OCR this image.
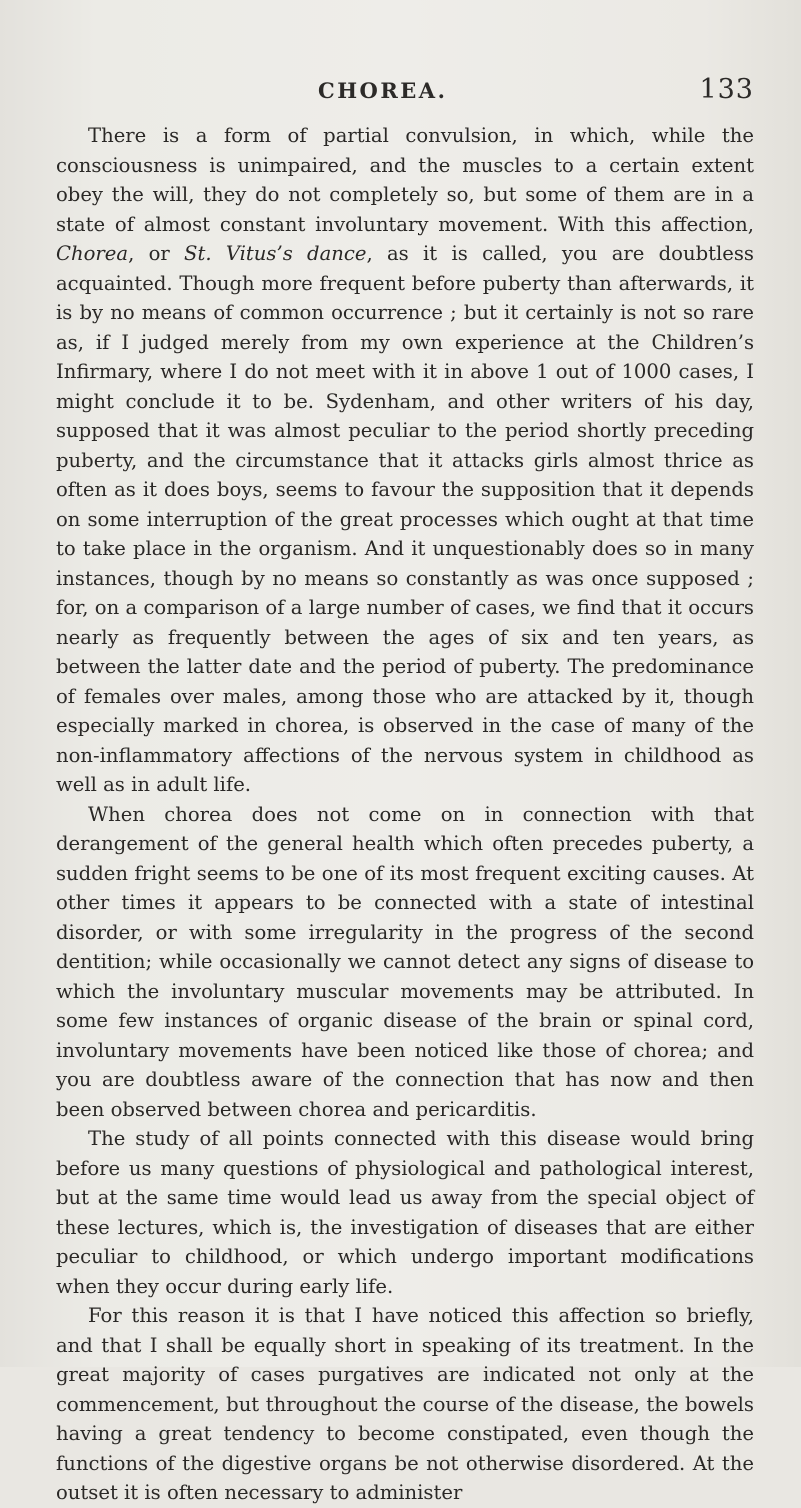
CHOREA.	133

There is a form of partial convulsion, in which, while the consciousness is unimpaired, and the muscles to a certain extent obey the will, they do not completely so, but some of them are in a state of almost constant involuntary movement. With this affection, Chorea, or St. Vitus’s dance, as it is called, you are doubtless acquainted. Though more frequent before puberty than afterwards, it is by no means of common occurrence ; but it certainly is not so rare as, if I judged merely from my own experience at the Children’s Infirmary, where I do not meet with it in above 1 out of 1000 cases, I might conclude it to be. Sydenham, and other writers of his day, supposed that it was almost peculiar to the period shortly preceding puberty, and the circumstance that it attacks girls almost thrice as often as it does boys, seems to favour the supposition that it depends on some interruption of the great processes which ought at that time to take place in the organism. And it unquestionably does so in many instances, though by no means so constantly as was once supposed ; for, on a comparison of a large number of cases, we find that it occurs nearly as frequently between the ages of six and ten years, as between the latter date and the period of puberty. The predominance of females over males, among those who are attacked by it, though especially marked in chorea, is observed in the case of many of the non-inflammatory affections of the nervous system in childhood as well as in adult life.

When chorea does not come on in connection with that derangement of the general health which often precedes puberty, a sudden fright seems to be one of its most frequent exciting causes. At other times it appears to be connected with a state of intestinal disorder, or with some irregularity in the progress of the second dentition; while occasionally we cannot detect any signs of disease to which the involuntary muscular movements may be attributed. In some few instances of organic disease of the brain or spinal cord, involuntary movements have been noticed like those of chorea; and you are doubtless aware of the connection that has now and then been observed between chorea and pericarditis.

The study of all points connected with this disease would bring before us many questions of physiological and pathological interest, but at the same time would lead us away from the special object of these lectures, which is, the investigation of diseases that are either peculiar to childhood, or which undergo important modifications when they occur during early life.

For this reason it is that I have noticed this affection so briefly, and that I shall be equally short in speaking of its treatment. In the great majority of cases purgatives are indicated not only at the commencement, but throughout the course of the disease, the bowels having a great tendency to become constipated, even though the functions of the digestive organs be not otherwise disordered. At the outset it is often necessary to administer
